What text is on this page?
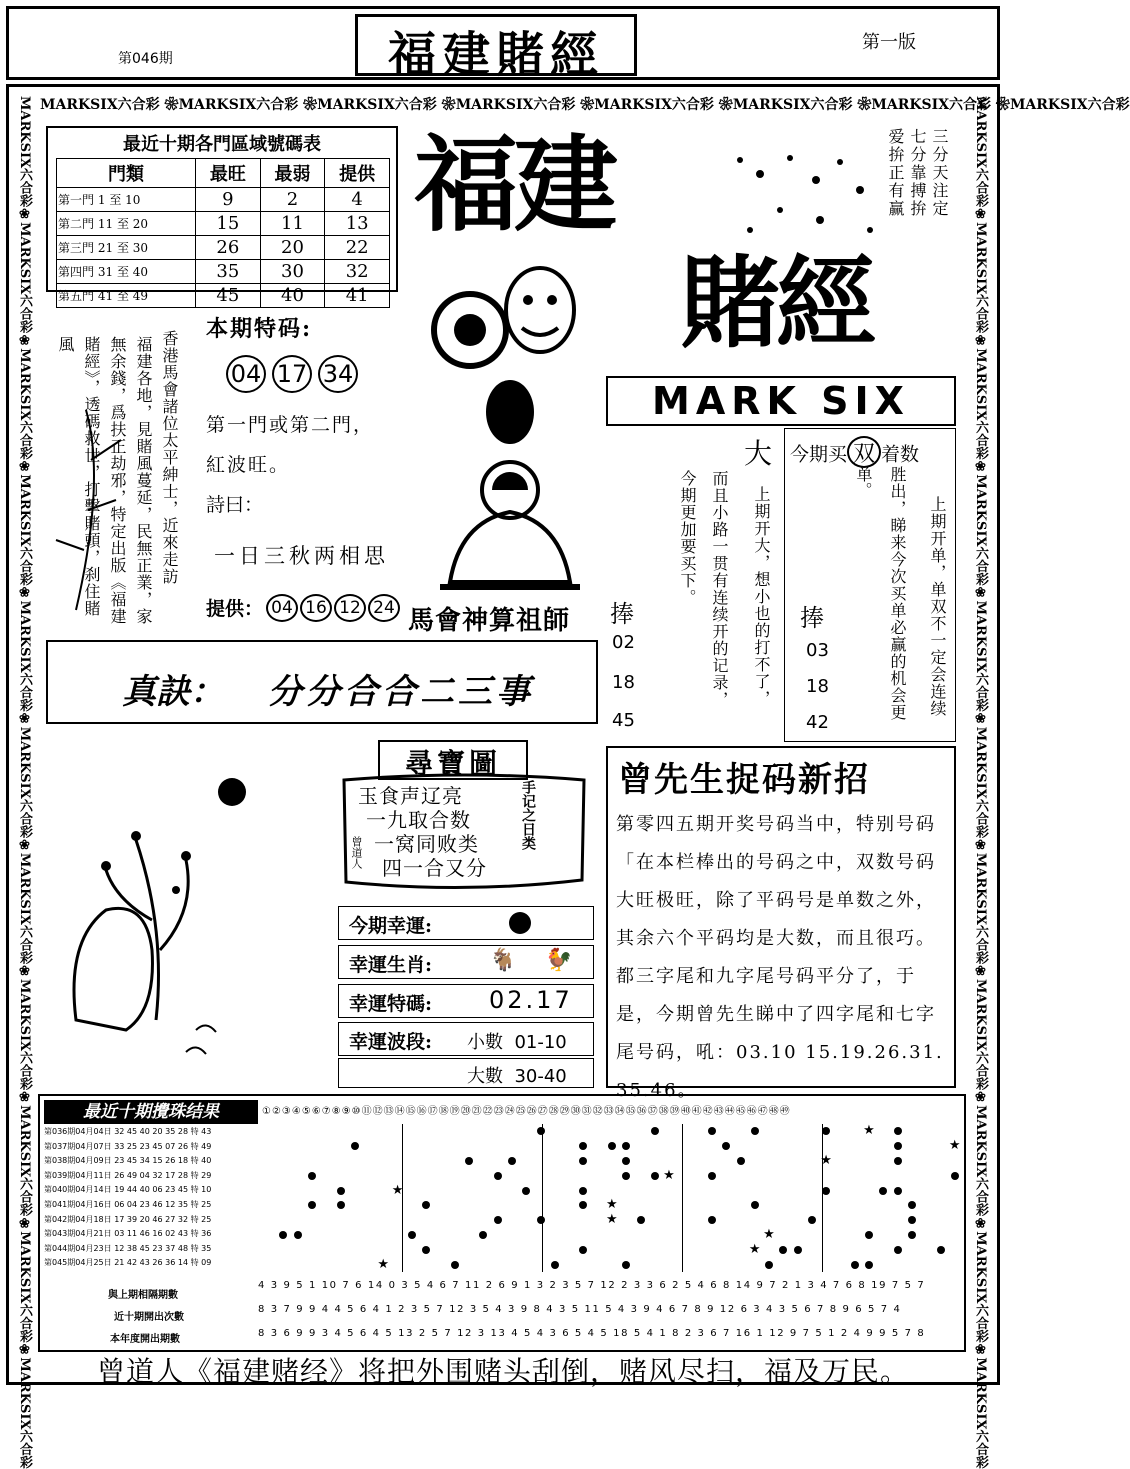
第046期	福建賭經	第一版
MARKSIX六合彩 ❀MARKSIX六合彩 ❀MARKSIX六合彩 ❀MARKSIX六合彩 ❀MARKSIX六合彩 ❀MARKSIX六合彩 ❀MARKSIX六合彩 ❀MARKSIX六合彩
MARKSIX六合彩❀MARKSIX六合彩❀MARKSIX六合彩❀MARKSIX六合彩❀MARKSIX六合彩❀MARKSIX六合彩❀MARKSIX六合彩❀MARKSIX六合彩❀MARKSIX六合彩❀MARKSIX六合彩❀MARKSIX六合彩
MARKSIX六合彩❀MARKSIX六合彩❀MARKSIX六合彩❀MARKSIX六合彩❀MARKSIX六合彩❀MARKSIX六合彩❀MARKSIX六合彩❀MARKSIX六合彩❀MARKSIX六合彩❀MARKSIX六合彩❀MARKSIX六合彩
最近十期各門區域號碼表
門類	最旺	最弱	提供
第一門 1 至 10	9	2	4
第二門 11 至 20	15	11	13
第三門 21 至 30	26	20	22
第四門 31 至 40	35	30	32
第五門 41 至 49	45	40	41
福建
賭經
三分天注定
七分靠搏拚
爱拚正有赢
MARK SIX
香港馬會諸位太平紳士，近來走訪
福建各地，見賭風蔓延，民無正業，家
無余錢，爲扶正劫邪，特定出版《福建
賭經》，透碼救世，打擊賭頭，刹住賭
風
本期特码:
04 17 34
第一門或第二門，
紅波旺。
詩曰：
一日三秋两相思
提供： 04 16 12 24 馬會神算祖師
大
上期开大，想小也的打不了，
而且小路一贯有连续开的记录，
今期更加要买下。
捧
02
18
45
今期买 双 着数
上期开单，单双不一定会连续
胜出，睇来今次买单必赢的机会更
单。
捧
03
18
42
真訣： 分分合合二三事
尋寶圖
玉食声辽亮
一九取合数
一窝同败类
四一合又分
手记之日类
曾道人
今期幸運:
幸運生肖:	🐐 🐓
幸運特碼: 02.17
幸運波段: 小數  01-10
大數  30-40
曾先生捉码新招
第零四五期开奖号码当中，特别号码「在本栏棒出的号码之中，双数号码大旺极旺，除了平码号是单数之外，其余六个平码均是大数，而且很巧。都三字尾和九字尾号码平分了，于是，今期曾先生睇中了四字尾和七字尾号码，吼：03.10 15.19.26.31.35.46。
最近十期攪珠结果	①②③④⑤⑥⑦⑧⑨⑩⑪⑫⑬⑭⑮⑯⑰⑱⑲⑳㉑㉒㉓㉔㉕㉖㉗㉘㉙㉚㉛㉜㉝㉞㉟㊱㊲㊳㊴㊵㊶㊷㊸㊹㊺㊻㊼㊽㊾
第036期04月04日 32 45 40 20 35 28 特 43
第037期04月07日 33 25 23 45 07 26 特 49
第038期04月09日 23 45 34 15 26 18 特 40
第039期04月11日 26 49 04 32 17 28 特 29
第040期04月14日 19 44 40 06 23 45 特 10
第041期04月16日 06 04 23 46 12 35 特 25
第042期04月18日 17 39 20 46 27 32 特 25
第043期04月21日 03 11 46 16 02 43 特 36
第044期04月23日 12 38 45 23 37 48 特 35
第045期04月25日 21 42 43 26 36 14 特 09
★
★
★
★
★
★
★
★
★
★
與上期相隔期數
近十期開出次數
本年度開出期數
4 3 9 5 1 10 7 6 14 0 3 5 4 6 7 11 2 6 9 1 3 2 3 5 7 12 2 3 3 6 2 5 4 6 8 14 9 7 2 1 3 4 7 6 8 19 7 5 7
8 3 7 9 9 4 4 5 6 4 1 2 3 5 7 12 3 5 4 3 9 8 4 3 5 11 5 4 3 9 4 6 7 8 9 12 6 3 4 3 5 6 7 8 9 6 5 7 4
8 3 6 9 9 3 4 5 6 4 5 13 2 5 7 12 3 13 4 5 4 3 6 5 4 5 18 5 4 1 8 2 3 6 7 16 1 12 9 7 5 1 2 4 9 9 5 7 8
曾道人《福建赌经》将把外围赌头刮倒，赌风尽扫，福及万民。
